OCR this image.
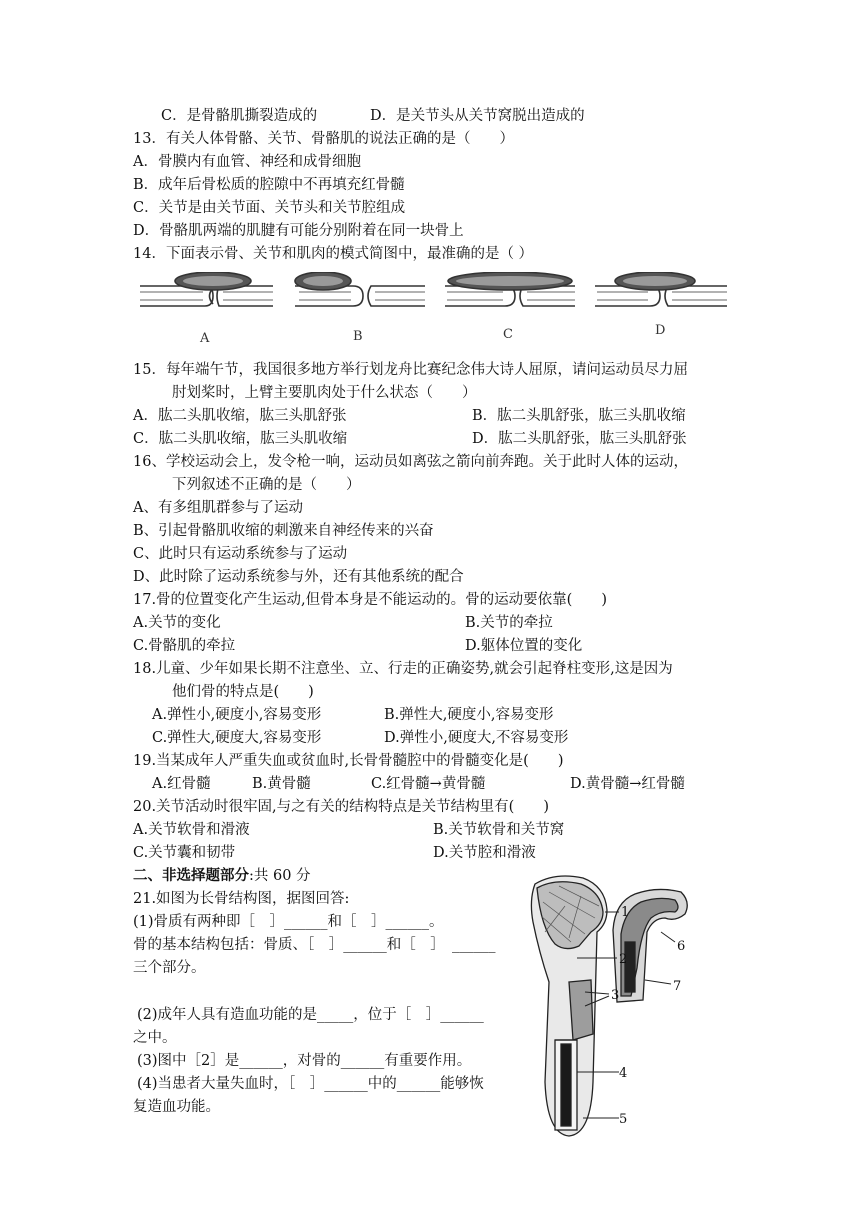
C．是骨骼肌撕裂造成的	D．是关节头从关节窝脱出造成的
13．有关人体骨骼、关节、骨骼肌的说法正确的是（　　）
A．骨膜内有血管、神经和成骨细胞
B．成年后骨松质的腔隙中不再填充红骨髓
C．关节是由关节面、关节头和关节腔组成
D．骨骼肌两端的肌腱有可能分别附着在同一块骨上
14．下面表示骨、关节和肌肉的模式简图中，最准确的是（ ）
A	B	C	D
15．每年端午节，我国很多地方举行划龙舟比赛纪念伟大诗人屈原，请问运动员尽力屈
肘划桨时，上臂主要肌肉处于什么状态（　　）
A．肱二头肌收缩，肱三头肌舒张	B．肱二头肌舒张，肱三头肌收缩
C．肱二头肌收缩，肱三头肌收缩	D．肱二头肌舒张，肱三头肌舒张
16、学校运动会上，发令枪一响，运动员如离弦之箭向前奔跑。关于此时人体的运动，
下列叙述不正确的是（　　）
A、有多组肌群参与了运动
B、引起骨骼肌收缩的刺激来自神经传来的兴奋
C、此时只有运动系统参与了运动
D、此时除了运动系统参与外，还有其他系统的配合
17.骨的位置变化产生运动,但骨本身是不能运动的。骨的运动要依靠(　　)
A.关节的变化	B.关节的牵拉
C.骨骼肌的牵拉	D.躯体位置的变化
18.儿童、少年如果长期不注意坐、立、行走的正确姿势,就会引起脊柱变形,这是因为
他们骨的特点是(　　)
A.弹性小,硬度小,容易变形	B.弹性大,硬度小,容易变形
C.弹性大,硬度大,容易变形	D.弹性小,硬度大,不容易变形
19.当某成年人严重失血或贫血时,长骨骨髓腔中的骨髓变化是(　　)
A.红骨髓	B.黄骨髓	C.红骨髓→黄骨髓	D.黄骨髓→红骨髓
20.关节活动时很牢固,与之有关的结构特点是关节结构里有(　　)
A.关节软骨和滑液	B.关节软骨和关节窝
C.关节囊和韧带	D.关节腔和滑液
二、非选择题部分:共 60 分
21.如图为长骨结构图，据图回答:
(1)骨质有两种即［　］______和［　］______。
骨的基本结构包括：骨质、［　］______和［　］　______
三个部分。
(2)成年人具有造血功能的是_____，位于［　］______
之中。
(3)图中［2］是______，对骨的______有重要作用。
(4)当患者大量失血时，［　］______中的______能够恢
复造血功能。
1
2
3
4
5
6
7
